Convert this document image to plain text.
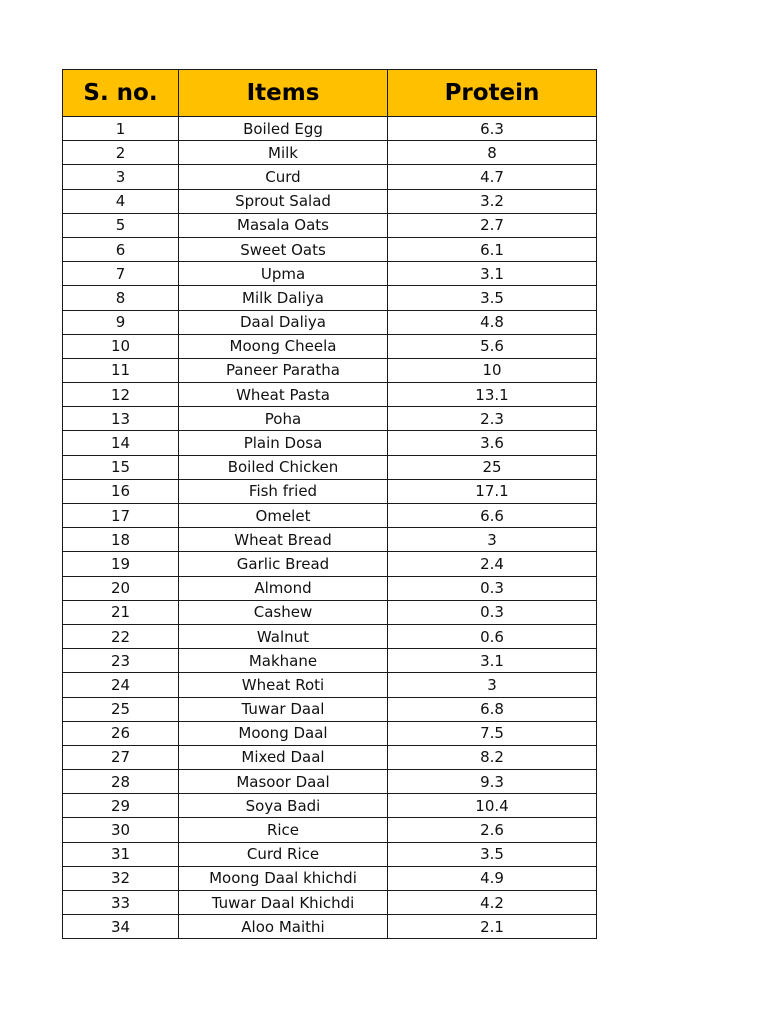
S. no.	Items	Protein
1	Boiled Egg	6.3
2	Milk	8
3	Curd	4.7
4	Sprout Salad	3.2
5	Masala Oats	2.7
6	Sweet Oats	6.1
7	Upma	3.1
8	Milk Daliya	3.5
9	Daal Daliya	4.8
10	Moong Cheela	5.6
11	Paneer Paratha	10
12	Wheat Pasta	13.1
13	Poha	2.3
14	Plain Dosa	3.6
15	Boiled Chicken	25
16	Fish fried	17.1
17	Omelet	6.6
18	Wheat Bread	3
19	Garlic Bread	2.4
20	Almond	0.3
21	Cashew	0.3
22	Walnut	0.6
23	Makhane	3.1
24	Wheat Roti	3
25	Tuwar Daal	6.8
26	Moong Daal	7.5
27	Mixed Daal	8.2
28	Masoor Daal	9.3
29	Soya Badi	10.4
30	Rice	2.6
31	Curd Rice	3.5
32	Moong Daal khichdi	4.9
33	Tuwar Daal Khichdi	4.2
34	Aloo Maithi	2.1
